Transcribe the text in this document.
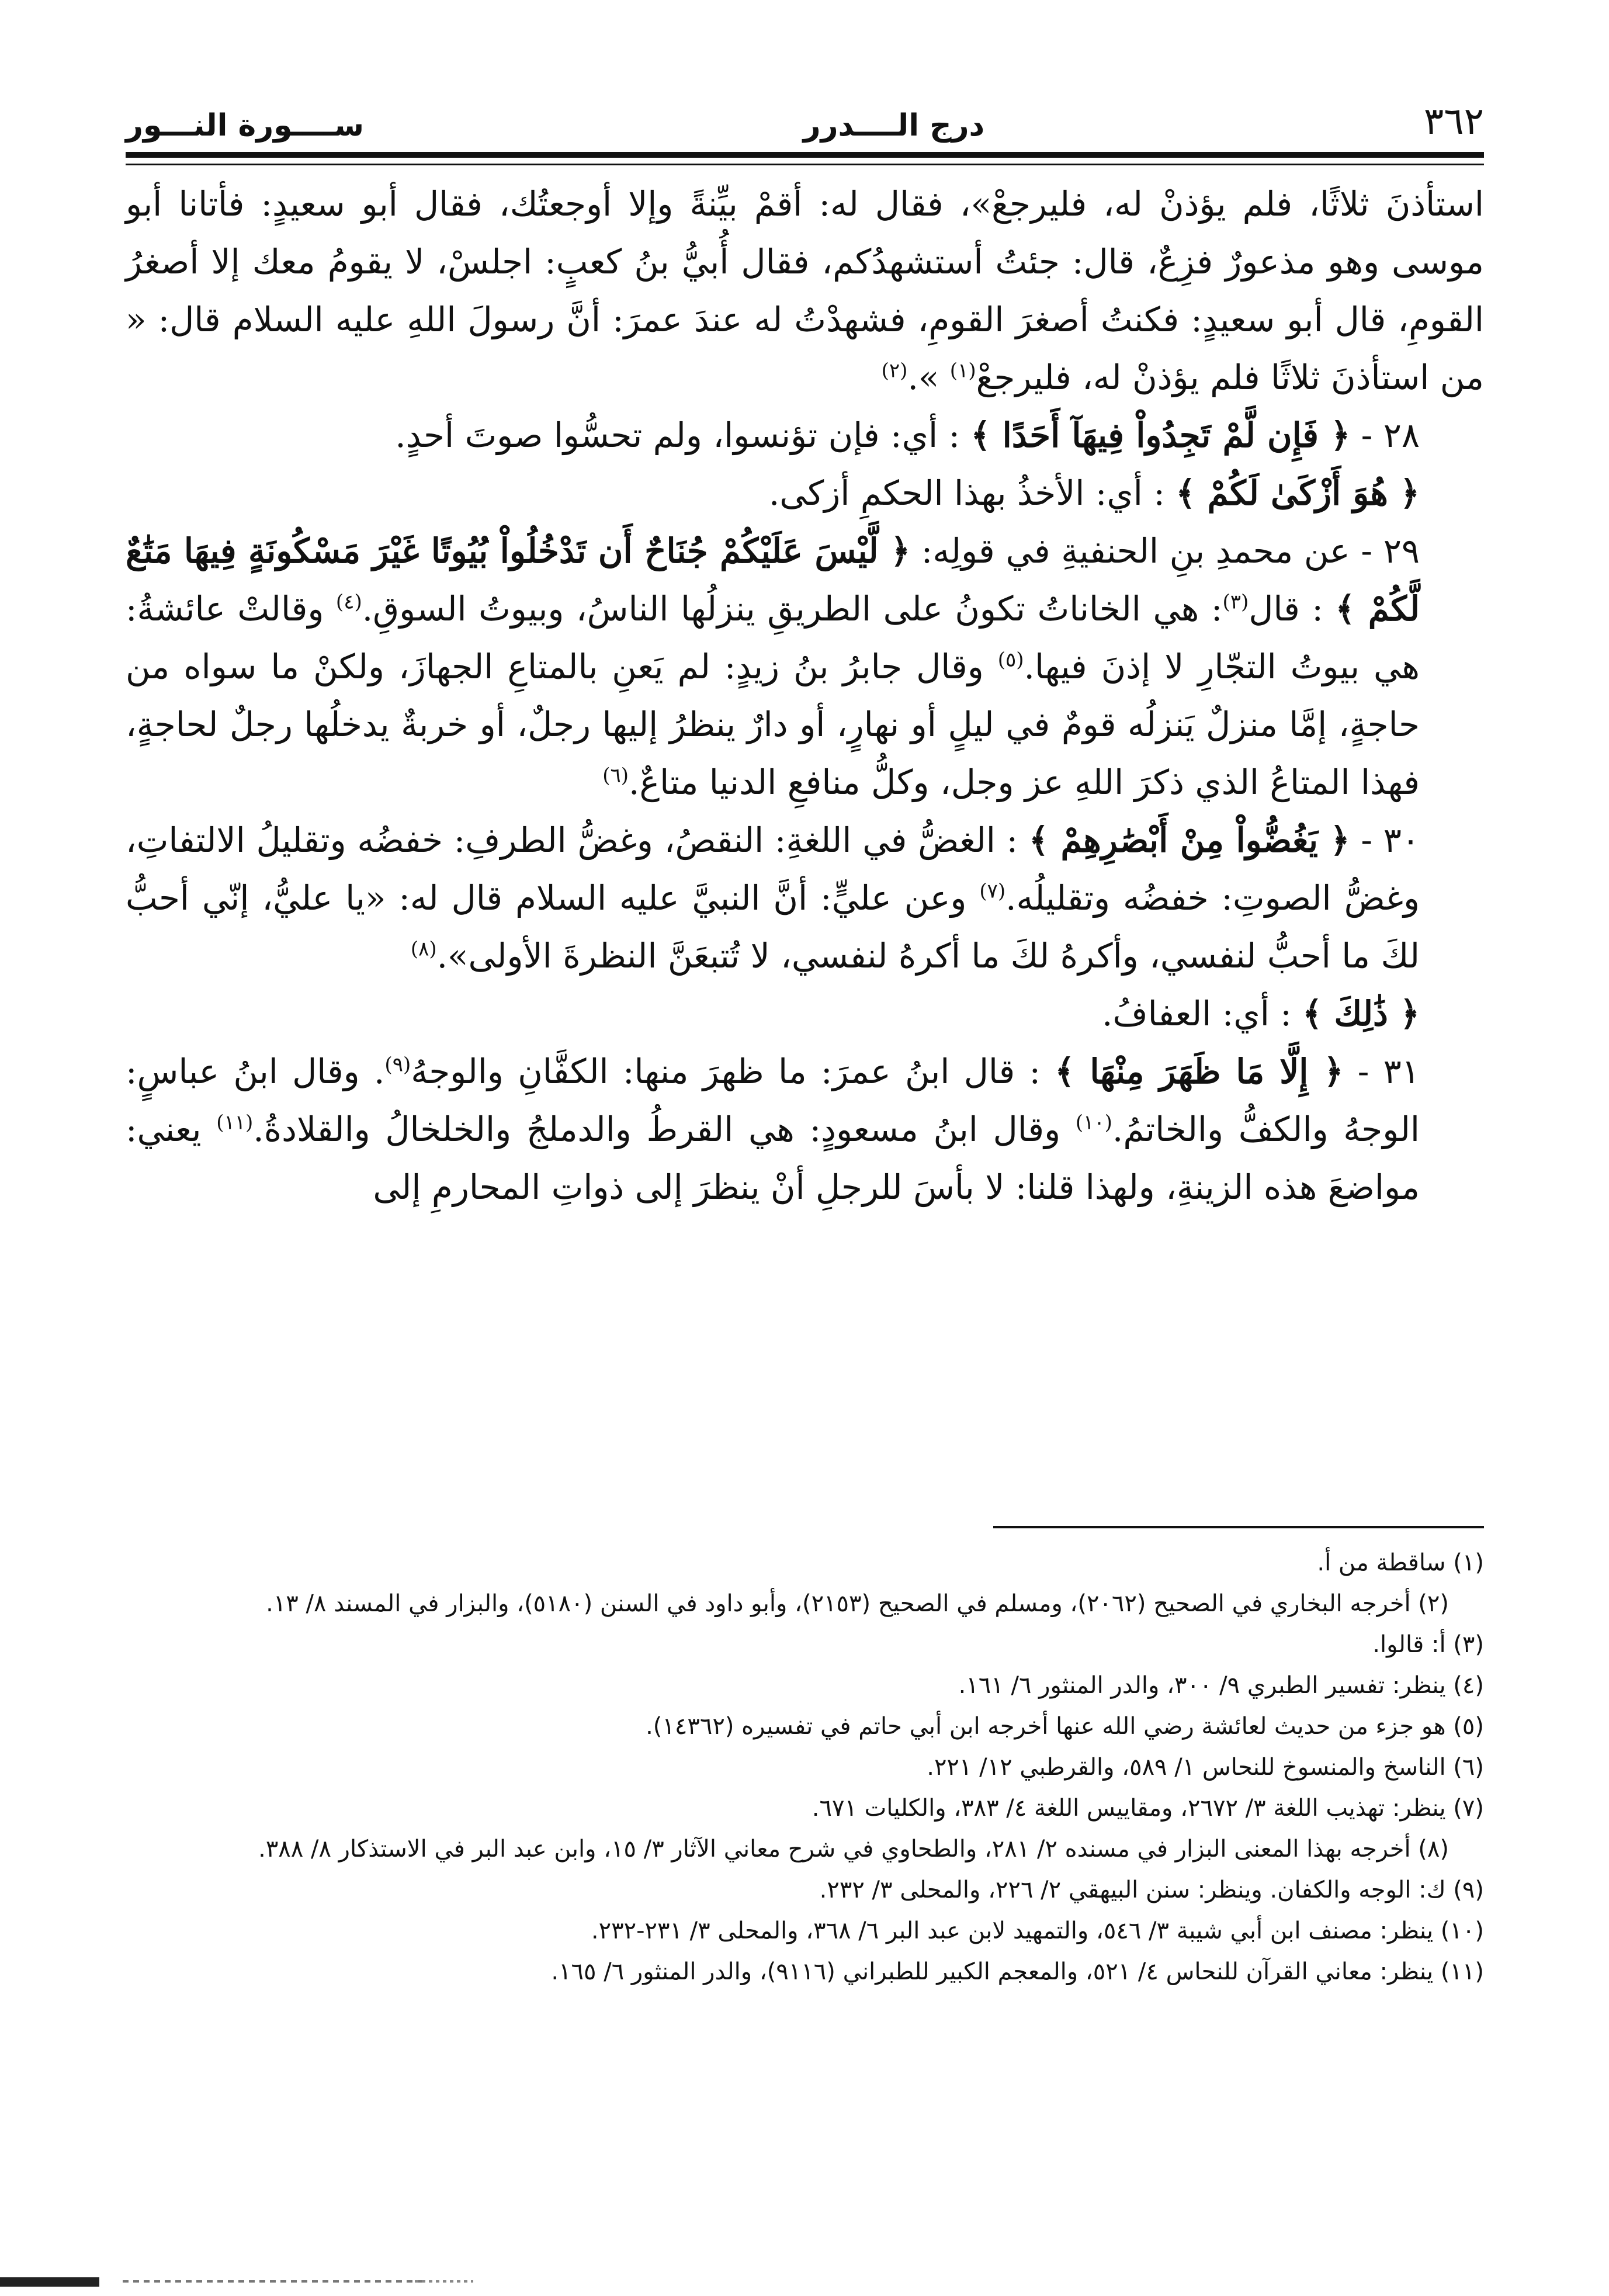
٣٦٢
درج الــــدرر
ســــورة النـــور

استأذنَ ثلاثًا، فلم يؤذنْ له، فليرجعْ»، فقال له: أقمْ بيِّنةً وإلا أوجعتُك، فقال أبو سعيدٍ: فأتانا أبو موسى وهو مذعورٌ فزِعٌ، قال: جئتُ أستشهدُكم، فقال أُبيُّ بنُ كعبٍ: اجلسْ، لا يقومُ معك إلا أصغرُ القومِ، قال أبو سعيدٍ: فكنتُ أصغرَ القومِ، فشهدْتُ له عندَ عمرَ: أنَّ رسولَ اللهِ عليه السلام قال: « من استأذنَ ثلاثًا فلم يؤذنْ له، فليرجعْ$^{(١)}$ ».$^{(٢)}$

٢٨ - ﴿ فَإِن لَّمْ تَجِدُواْ فِيهَآ أَحَدًا ﴾ : أي: فإن تؤنسوا، ولم تحسُّوا صوتَ أحدٍ.

﴿ هُوَ أَزْكَىٰ لَكُمْ ﴾ : أي: الأخذُ بهذا الحكمِ أزكى.

٢٩ - عن محمدِ بنِ الحنفيةِ في قولِه: ﴿ لَّيْسَ عَلَيْكُمْ جُنَاحٌ أَن تَدْخُلُواْ بُيُوتًا غَيْرَ مَسْكُونَةٍ فِيهَا مَتَٰعٌ لَّكُمْ ﴾ : قال$^{(٣)}$: هي الخاناتُ تكونُ على الطريقِ ينزلُها الناسُ، وبيوتُ السوقِ.$^{(٤)}$ وقالتْ عائشةُ: هي بيوتُ التجّارِ لا إذنَ فيها.$^{(٥)}$ وقال جابرُ بنُ زيدٍ: لم يَعنِ بالمتاعِ الجهازَ، ولكنْ ما سواه من حاجةٍ، إمَّا منزلٌ يَنزلُه قومٌ في ليلٍ أو نهارٍ، أو دارٌ ينظرُ إليها رجلٌ، أو خربةٌ يدخلُها رجلٌ لحاجةٍ، فهذا المتاعُ الذي ذكرَ اللهِ عز وجل، وكلُّ منافعِ الدنيا متاعٌ.$^{(٦)}$

٣٠ - ﴿ يَغُضُّواْ مِنْ أَبْصَٰرِهِمْ ﴾ : الغضُّ في اللغةِ: النقصُ، وغضُّ الطرفِ: خفضُه وتقليلُ الالتفاتِ، وغضُّ الصوتِ: خفضُه وتقليلُه.$^{(٧)}$ وعن عليٍّ: أنَّ النبيَّ عليه السلام قال له: «يا عليُّ، إنّي أحبُّ لكَ ما أحبُّ لنفسي، وأكرهُ لكَ ما أكرهُ لنفسي، لا تُتبعَنَّ النظرةَ الأولى».$^{(٨)}$

﴿ ذَٰلِكَ ﴾ : أي: العفافُ.

٣١ - ﴿ إِلَّا مَا ظَهَرَ مِنْهَا ﴾ : قال ابنُ عمرَ: ما ظهرَ منها: الكفَّانِ والوجهُ$^{(٩)}$. وقال ابنُ عباسٍ: الوجهُ والكفُّ والخاتمُ.$^{(١٠)}$ وقال ابنُ مسعودٍ: هي القرطُ والدملجُ والخلخالُ والقلادةُ.$^{(١١)}$ يعني: مواضعَ هذه الزينةِ، ولهذا قلنا: لا بأسَ للرجلِ أنْ ينظرَ إلى ذواتِ المحارمِ إلى

(١) ساقطة من أ.

(٢) أخرجه البخاري في الصحيح (٢٠٦٢)، ومسلم في الصحيح (٢١٥٣)، وأبو داود في السنن (٥١٨٠)، والبزار في المسند ٨/ ١٣.

(٣) أ: قالوا.

(٤) ينظر: تفسير الطبري ٩/ ٣٠٠، والدر المنثور ٦/ ١٦١.

(٥) هو جزء من حديث لعائشة رضي الله عنها أخرجه ابن أبي حاتم في تفسيره (١٤٣٦٢).

(٦) الناسخ والمنسوخ للنحاس ١/ ٥٨٩، والقرطبي ١٢/ ٢٢١.

(٧) ينظر: تهذيب اللغة ٣/ ٢٦٧٢، ومقاييس اللغة ٤/ ٣٨٣، والكليات ٦٧١.

(٨) أخرجه بهذا المعنى البزار في مسنده ٢/ ٢٨١، والطحاوي في شرح معاني الآثار ٣/ ١٥، وابن عبد البر في الاستذكار ٨/ ٣٨٨.

(٩) ك: الوجه والكفان. وينظر: سنن البيهقي ٢/ ٢٢٦، والمحلى ٣/ ٢٣٢.

(١٠) ينظر: مصنف ابن أبي شيبة ٣/ ٥٤٦، والتمهيد لابن عبد البر ٦/ ٣٦٨، والمحلى ٣/ ٢٣١-٢٣٢.

(١١) ينظر: معاني القرآن للنحاس ٤/ ٥٢١، والمعجم الكبير للطبراني (٩١١٦)، والدر المنثور ٦/ ١٦٥.
